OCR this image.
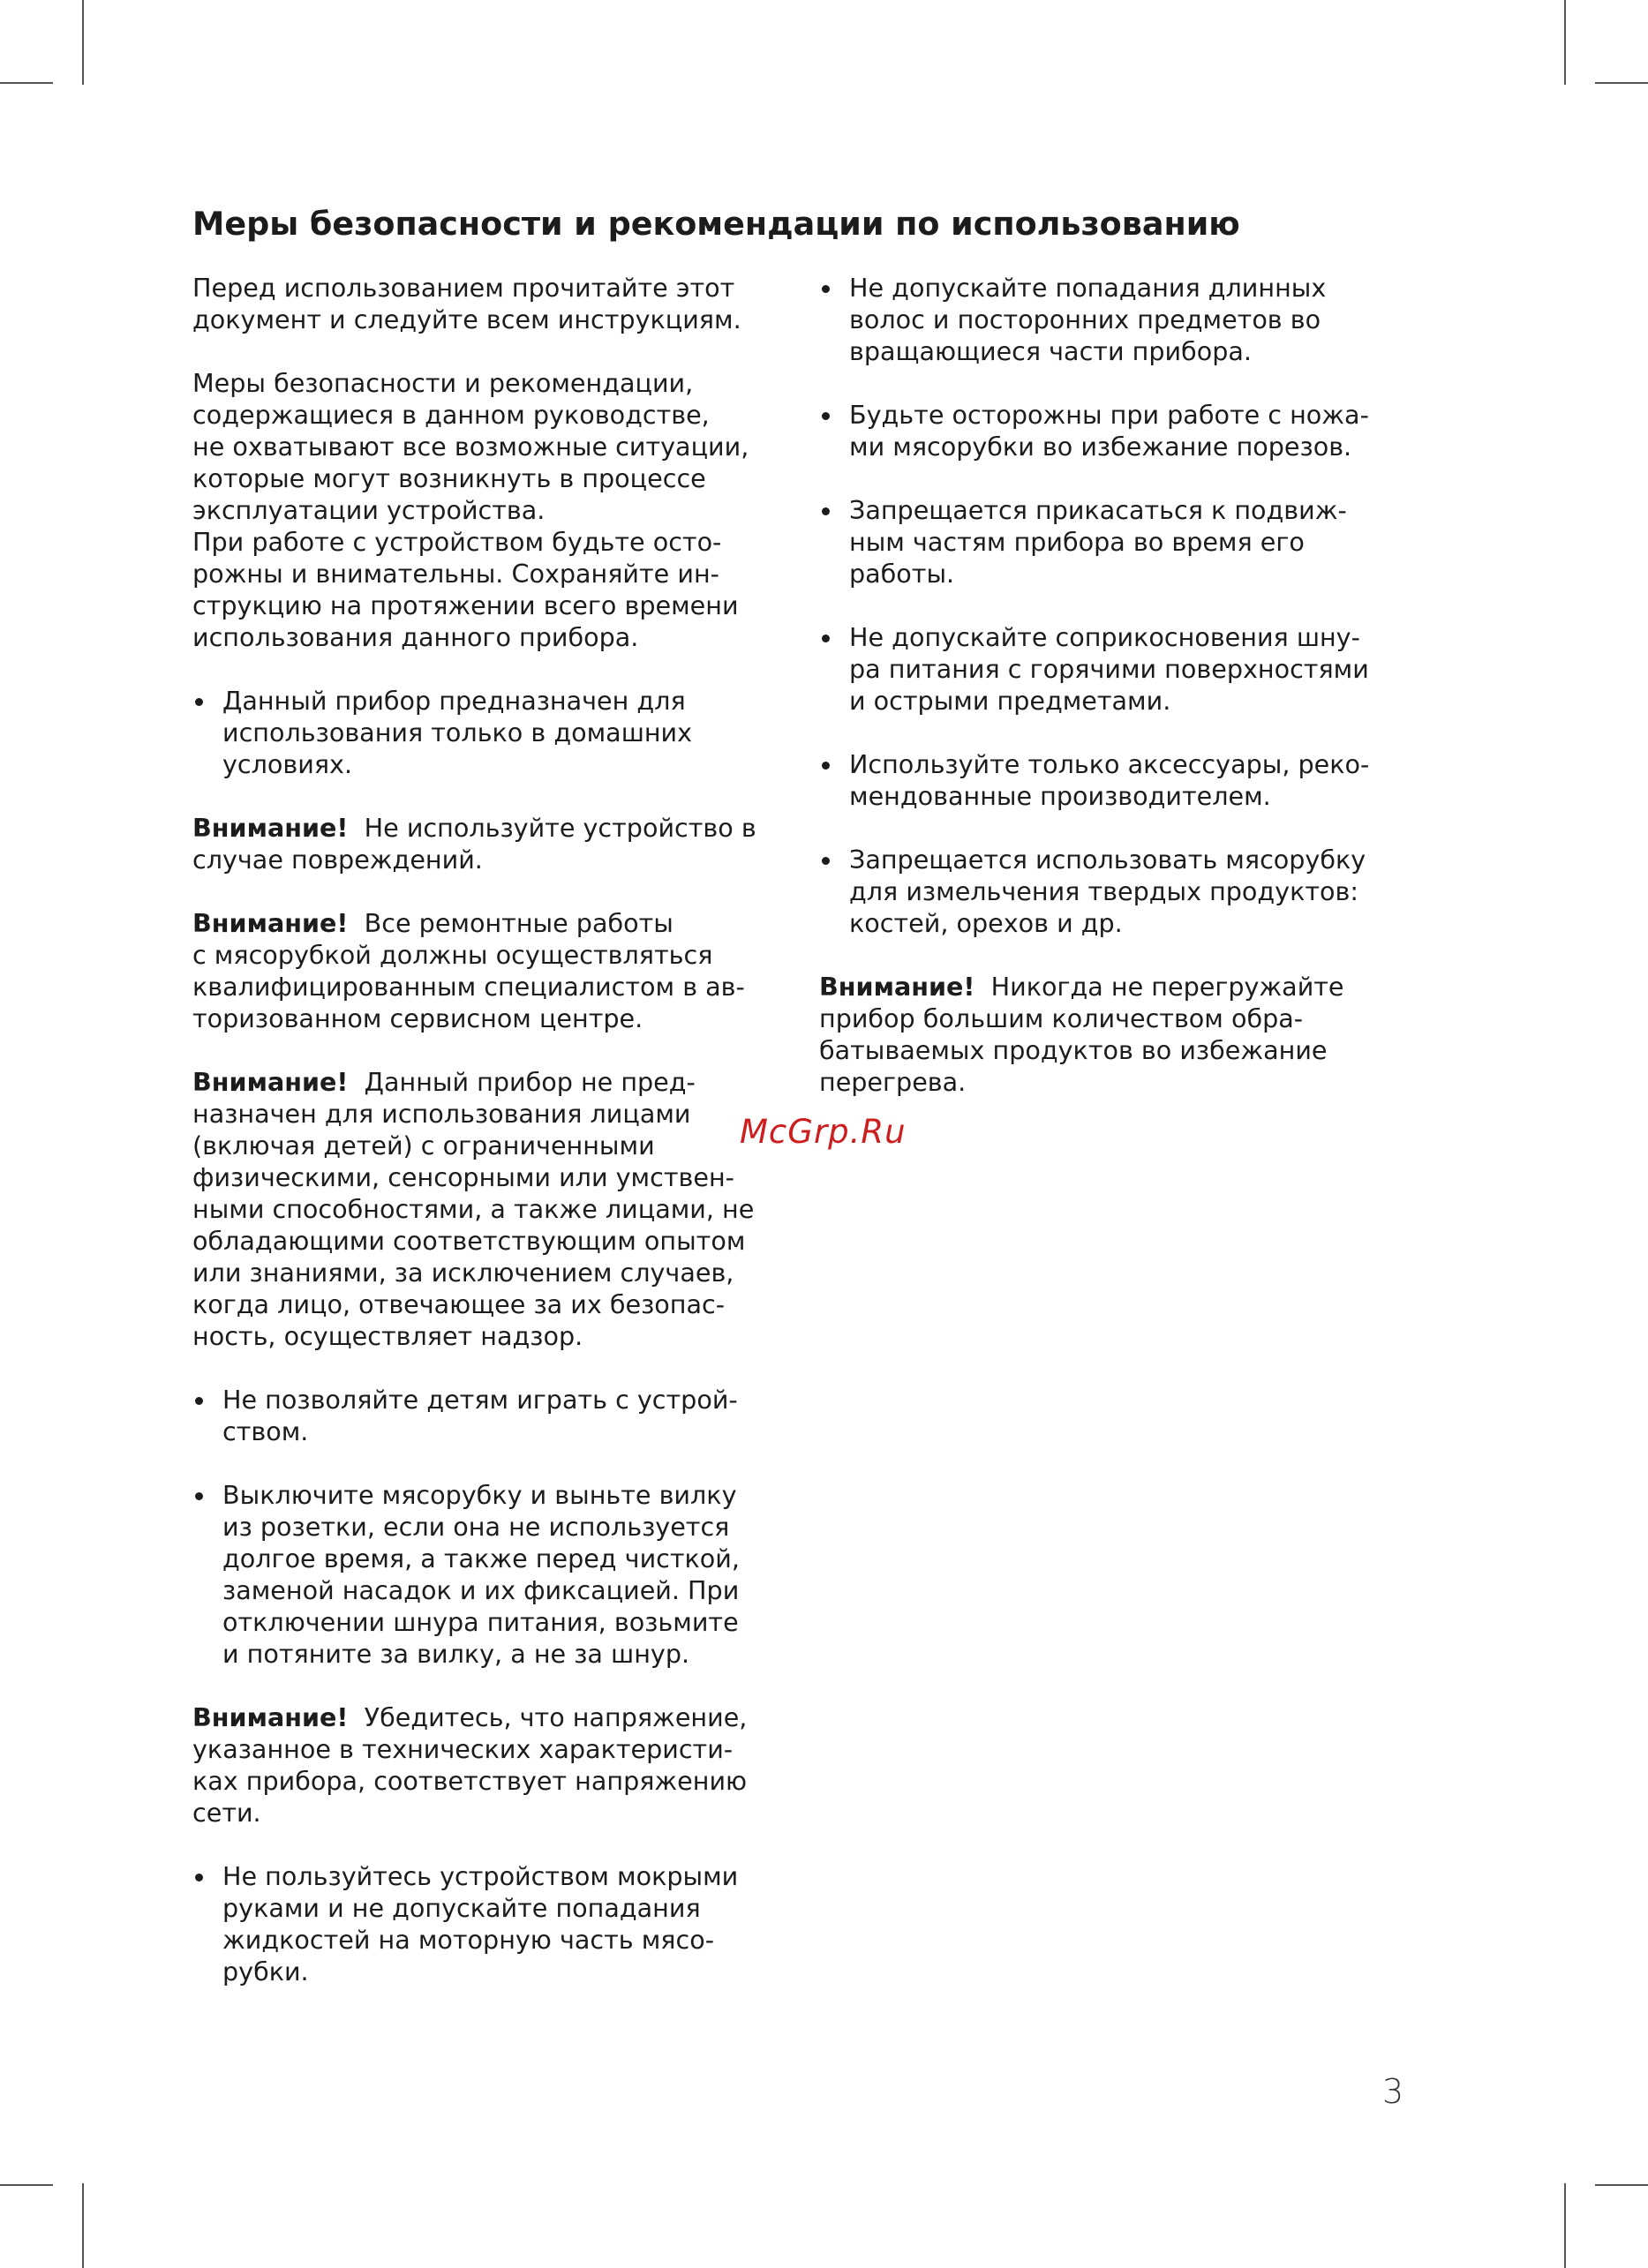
Меры безопасности и рекомендации по использованию
Перед использованием прочитайте этот
документ и следуйте всем инструкциям.
Меры безопасности и рекомендации,
содержащиеся в данном руководстве,
не охватывают все возможные ситуации,
которые могут возникнуть в процессе
эксплуатации устройства.
При работе с устройством будьте осто-
рожны и внимательны. Сохраняйте ин-
струкцию на протяжении всего времени
использования данного прибора.
Данный прибор предназначен для
использования только в домашних
условиях.
Внимание!  Не используйте устройство в
случае повреждений.
Внимание!  Все ремонтные работы
с мясорубкой должны осуществляться
квалифицированным специалистом в ав-
торизованном сервисном центре.
Внимание!  Данный прибор не пред-
назначен для использования лицами
(включая детей) с ограниченными
физическими, сенсорными или умствен-
ными способностями, а также лицами, не
обладающими соответствующим опытом
или знаниями, за исключением случаев,
когда лицо, отвечающее за их безопас-
ность, осуществляет надзор.
Не позволяйте детям играть с устрой-
ством.
Выключите мясорубку и выньте вилку
из розетки, если она не используется
долгое время, а также перед чисткой,
заменой насадок и их фиксацией. При
отключении шнура питания, возьмите
и потяните за вилку, а не за шнур.
Внимание!  Убедитесь, что напряжение,
указанное в технических характеристи-
ках прибора, соответствует напряжению
сети.
Не пользуйтесь устройством мокрыми
руками и не допускайте попадания
жидкостей на моторную часть мясо-
рубки.
Не допускайте попадания длинных
волос и посторонних предметов во
вращающиеся части прибора.
Будьте осторожны при работе с ножа-
ми мясорубки во избежание порезов.
Запрещается прикасаться к подвиж-
ным частям прибора во время его
работы.
Не допускайте соприкосновения шну-
ра питания с горячими поверхностями
и острыми предметами.
Используйте только аксессуары, реко-
мендованные производителем.
Запрещается использовать мясорубку
для измельчения твердых продуктов:
костей, орехов и др.
Внимание!  Никогда не перегружайте
прибор большим количеством обра-
батываемых продуктов во избежание
перегрева.
McGrp.Ru
3
